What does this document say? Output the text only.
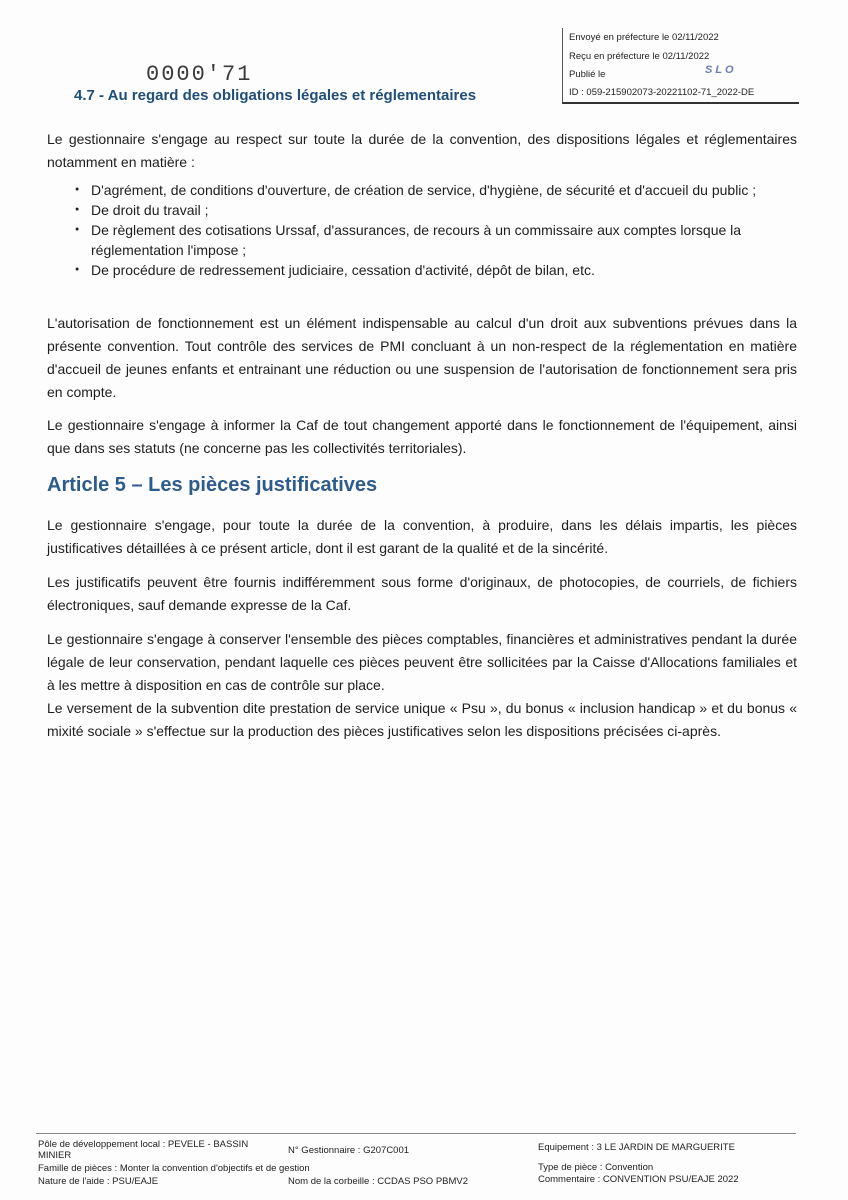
0000'71
4.7 - Au regard des obligations légales et réglementaires
Envoyé en préfecture le 02/11/2022
Reçu en préfecture le 02/11/2022
Publié le	SLO
ID : 059-215902073-20221102-71_2022-DE
Le gestionnaire s'engage au respect sur toute la durée de la convention, des dispositions légales et réglementaires notamment en matière :
● D'agrément, de conditions d'ouverture, de création de service, d'hygiène, de sécurité et d'accueil du public ;
● De droit du travail ;
● De règlement des cotisations Urssaf, d'assurances, de recours à un commissaire aux comptes lorsque la réglementation l'impose ;
● De procédure de redressement judiciaire, cessation d'activité, dépôt de bilan, etc.
L'autorisation de fonctionnement est un élément indispensable au calcul d'un droit aux subventions prévues dans la présente convention. Tout contrôle des services de PMI concluant à un non-respect de la réglementation en matière d'accueil de jeunes enfants et entrainant une réduction ou une suspension de l'autorisation de fonctionnement sera pris en compte.
Le gestionnaire s'engage à informer la Caf de tout changement apporté dans le fonctionnement de l'équipement, ainsi que dans ses statuts (ne concerne pas les collectivités territoriales).
Article 5 – Les pièces justificatives
Le gestionnaire s'engage, pour toute la durée de la convention, à produire, dans les délais impartis, les pièces justificatives détaillées à ce présent article, dont il est garant de la qualité et de la sincérité.
Les justificatifs peuvent être fournis indifféremment sous forme d'originaux, de photocopies, de courriels, de fichiers électroniques, sauf demande expresse de la Caf.
Le gestionnaire s'engage à conserver l'ensemble des pièces comptables, financières et administratives pendant la durée légale de leur conservation, pendant laquelle ces pièces peuvent être sollicitées par la Caisse d'Allocations familiales et à les mettre à disposition en cas de contrôle sur place.
Le versement de la subvention dite prestation de service unique « Psu », du bonus « inclusion handicap » et du bonus « mixité sociale » s'effectue sur la production des pièces justificatives selon les dispositions précisées ci-après.
Pôle de développement local : PEVELE - BASSIN MINIER	N° Gestionnaire : G207C001	Equipement : 3 LE JARDIN DE MARGUERITE
Famille de pièces : Monter la convention d'objectifs et de gestion	Type de pièce : Convention
Nature de l'aide : PSU/EAJE	Nom de la corbeille : CCDAS PSO PBMV2	Commentaire : CONVENTION PSU/EAJE 2022
